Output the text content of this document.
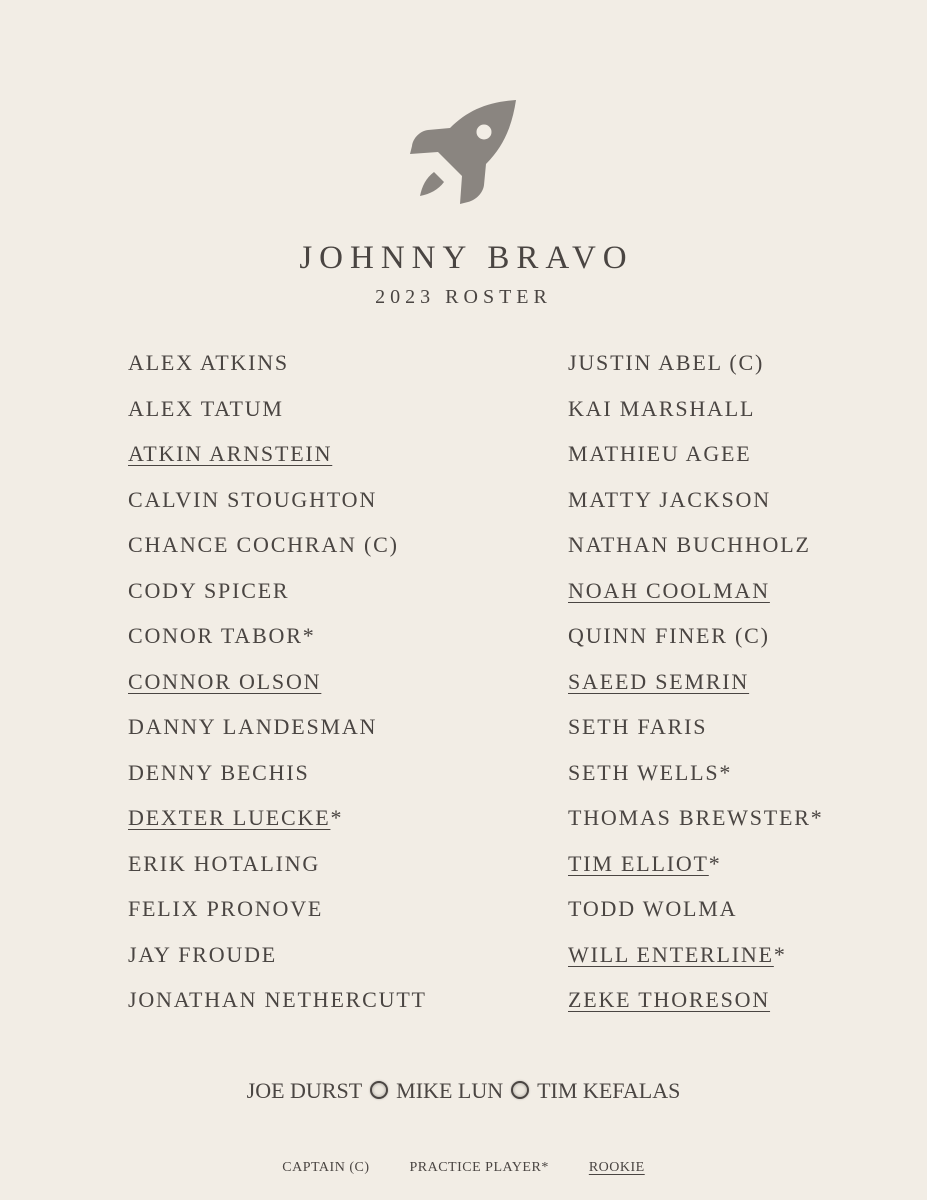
JOHNNY BRAVO
2023 ROSTER
ALEX ATKINS
ALEX TATUM
ATKIN ARNSTEIN
CALVIN STOUGHTON
CHANCE COCHRAN (C)
CODY SPICER
CONOR TABOR*
CONNOR OLSON
DANNY LANDESMAN
DENNY BECHIS
DEXTER LUECKE*
ERIK HOTALING
FELIX PRONOVE
JAY FROUDE
JONATHAN NETHERCUTT
JUSTIN ABEL (C)
KAI MARSHALL
MATHIEU AGEE
MATTY JACKSON
NATHAN BUCHHOLZ
NOAH COOLMAN
QUINN FINER (C)
SAEED SEMRIN
SETH FARIS
SETH WELLS*
THOMAS BREWSTER*
TIM ELLIOT*
TODD WOLMA
WILL ENTERLINE*
ZEKE THORESON
JOE DURST MIKE LUN TIM KEFALAS
CAPTAIN (C)	PRACTICE PLAYER*	ROOKIE
